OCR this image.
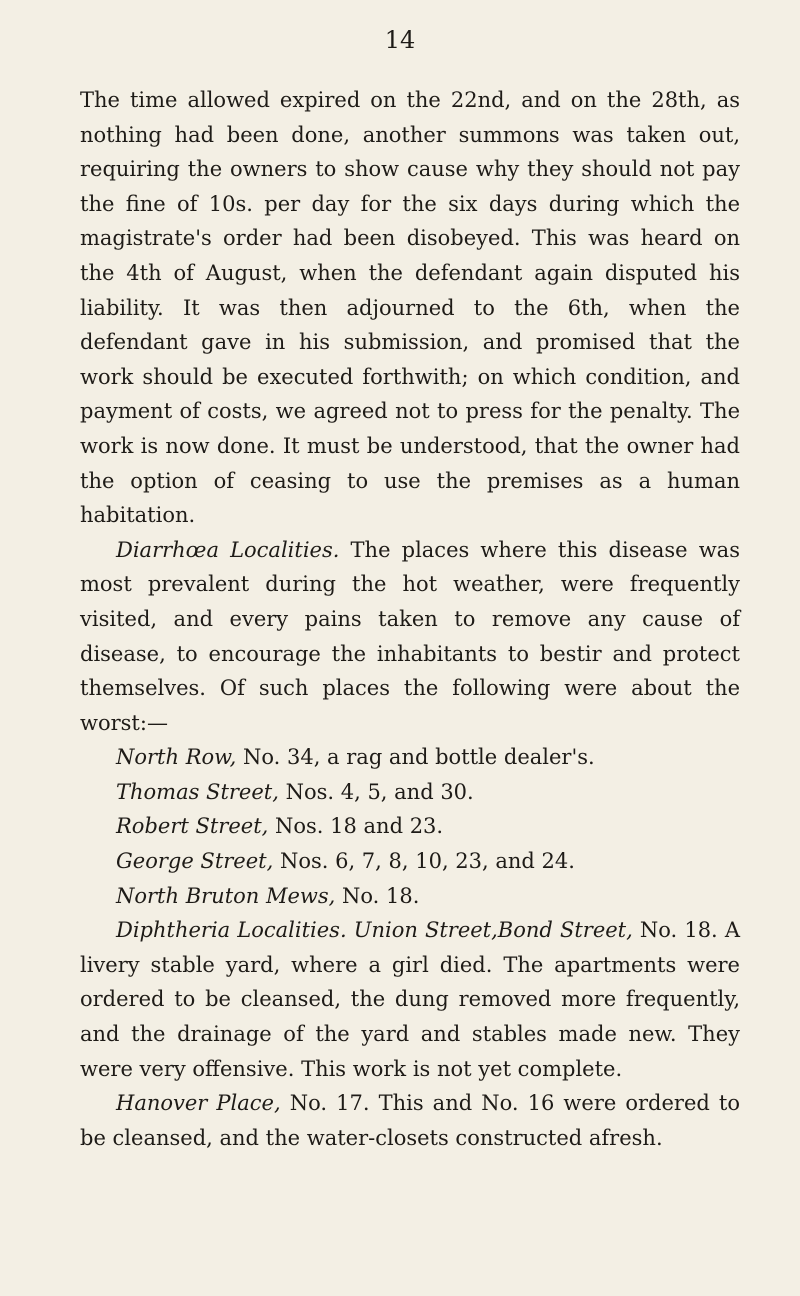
14

The time allowed expired on the 22nd, and on the 28th, as nothing had been done, another summons was taken out, requiring the owners to show cause why they should not pay the fine of 10s. per day for the six days during which the magistrate's order had been disobeyed. This was heard on the 4th of August, when the defendant again disputed his liability. It was then adjourned to the 6th, when the defendant gave in his submission, and promised that the work should be executed forthwith; on which condition, and payment of costs, we agreed not to press for the penalty. The work is now done. It must be understood, that the owner had the option of ceasing to use the premises as a human habitation.

Diarrhœa Localities. The places where this disease was most prevalent during the hot weather, were frequently visited, and every pains taken to remove any cause of disease, to encourage the inhabitants to bestir and protect themselves. Of such places the following were about the worst:—

North Row, No. 34, a rag and bottle dealer's.

Thomas Street, Nos. 4, 5, and 30.

Robert Street, Nos. 18 and 23.

George Street, Nos. 6, 7, 8, 10, 23, and 24.

North Bruton Mews, No. 18.

Diphtheria Localities. Union Street,Bond Street, No. 18. A livery stable yard, where a girl died. The apartments were ordered to be cleansed, the dung removed more frequently, and the drainage of the yard and stables made new. They were very offensive. This work is not yet complete.

Hanover Place, No. 17. This and No. 16 were ordered to be cleansed, and the water-closets constructed afresh.
